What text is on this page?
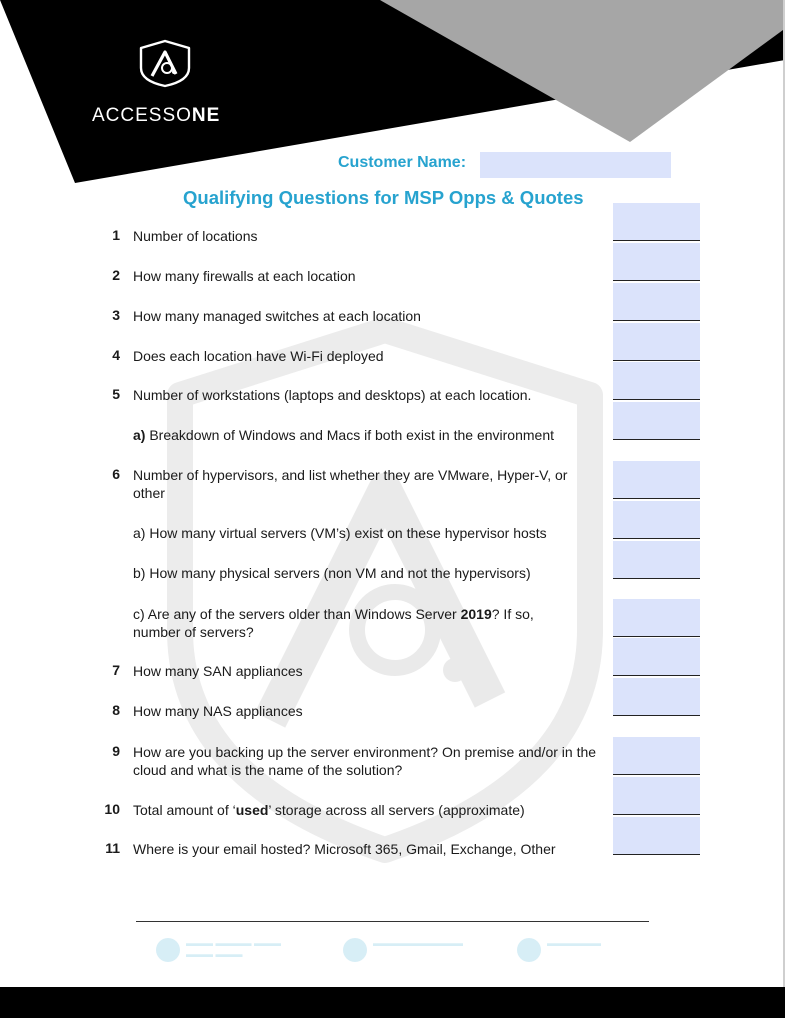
ACCESSONE
Customer Name:
Qualifying Questions for MSP Opps & Quotes
1 Number of locations
2 How many firewalls at each location
3 How many managed switches at each location
4 Does each location have Wi-Fi deployed
5 Number of workstations (laptops and desktops) at each location.
a) Breakdown of Windows and Macs if both exist in the environment
6 Number of hypervisors, and list whether they are VMware, Hyper-V, or other
a) How many virtual servers (VM’s) exist on these hypervisor hosts
b) How many physical servers (non VM and not the hypervisors)
c) Are any of the servers older than Windows Server 2019? If so, number of servers?
7 How many SAN appliances
8 How many NAS appliances
9 How are you backing up the server environment? On premise and/or in the cloud and what is the name of the solution?
10 Total amount of ‘used’ storage across all servers (approximate)
11 Where is your email hosted? Microsoft 365, Gmail, Exchange, Other
▬▬▬ ▬▬▬▬ ▬▬▬
▬▬▬ ▬▬▬
▬▬▬▬▬▬▬▬▬▬	▬▬▬▬▬▬
